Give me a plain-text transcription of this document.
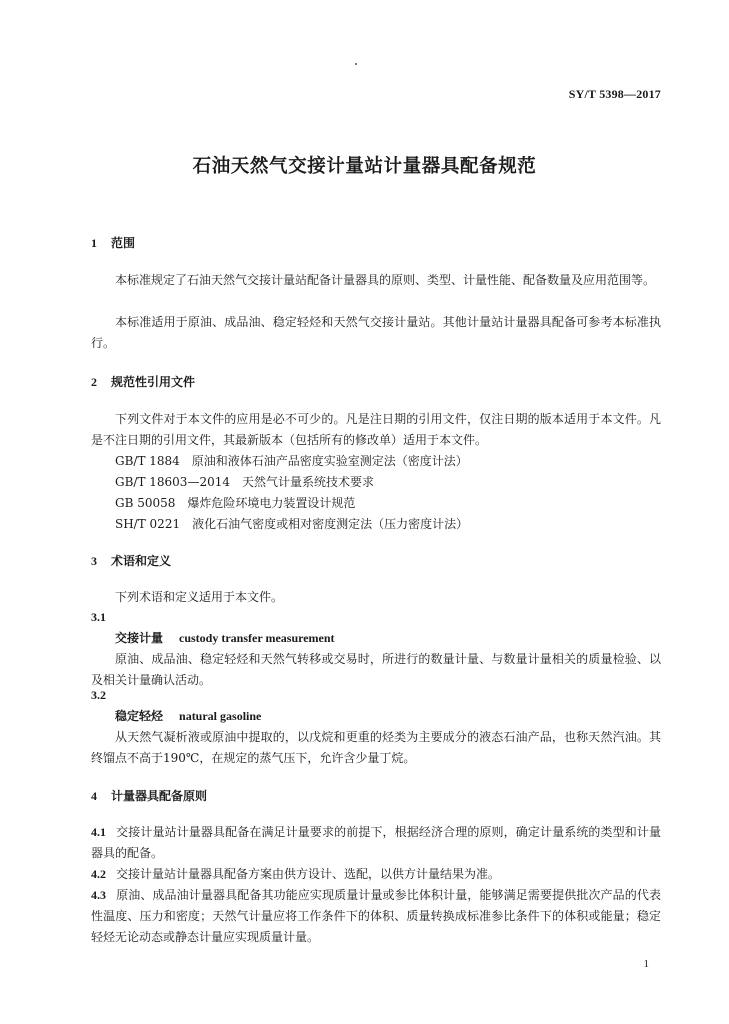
SY/T 5398—2017
石油天然气交接计量站计量器具配备规范
1 范围

本标准规定了石油天然气交接计量站配备计量器具的原则、类型、计量性能、配备数量及应用范围等。

本标准适用于原油、成品油、稳定轻烃和天然气交接计量站。其他计量站计量器具配备可参考本标准执行。

2 规范性引用文件

下列文件对于本文件的应用是必不可少的。凡是注日期的引用文件，仅注日期的版本适用于本文件。凡是不注日期的引用文件，其最新版本（包括所有的修改单）适用于本文件。

GB/T 1884　原油和液体石油产品密度实验室测定法（密度计法）
GB/T 18603—2014　天然气计量系统技术要求
GB 50058　爆炸危险环境电力装置设计规范
SH/T 0221　液化石油气密度或相对密度测定法（压力密度计法）
3 术语和定义
下列术语和定义适用于本文件。
3.1
交接计量 custody transfer measurement

原油、成品油、稳定轻烃和天然气转移或交易时，所进行的数量计量、与数量计量相关的质量检验、以及相关计量确认活动。

3.2
稳定轻烃 natural gasoline

从天然气凝析液或原油中提取的，以戊烷和更重的烃类为主要成分的液态石油产品，也称天然汽油。其终馏点不高于190℃，在规定的蒸气压下，允许含少量丁烷。

4 计量器具配备原则

4.1 交接计量站计量器具配备在满足计量要求的前提下，根据经济合理的原则，确定计量系统的类型和计量器具的配备。

4.2 交接计量站计量器具配备方案由供方设计、选配，以供方计量结果为准。

4.3 原油、成品油计量器具配备其功能应实现质量计量或参比体积计量，能够满足需要提供批次产品的代表性温度、压力和密度；天然气计量应将工作条件下的体积、质量转换成标准参比条件下的体积或能量；稳定轻烃无论动态或静态计量应实现质量计量。

1
